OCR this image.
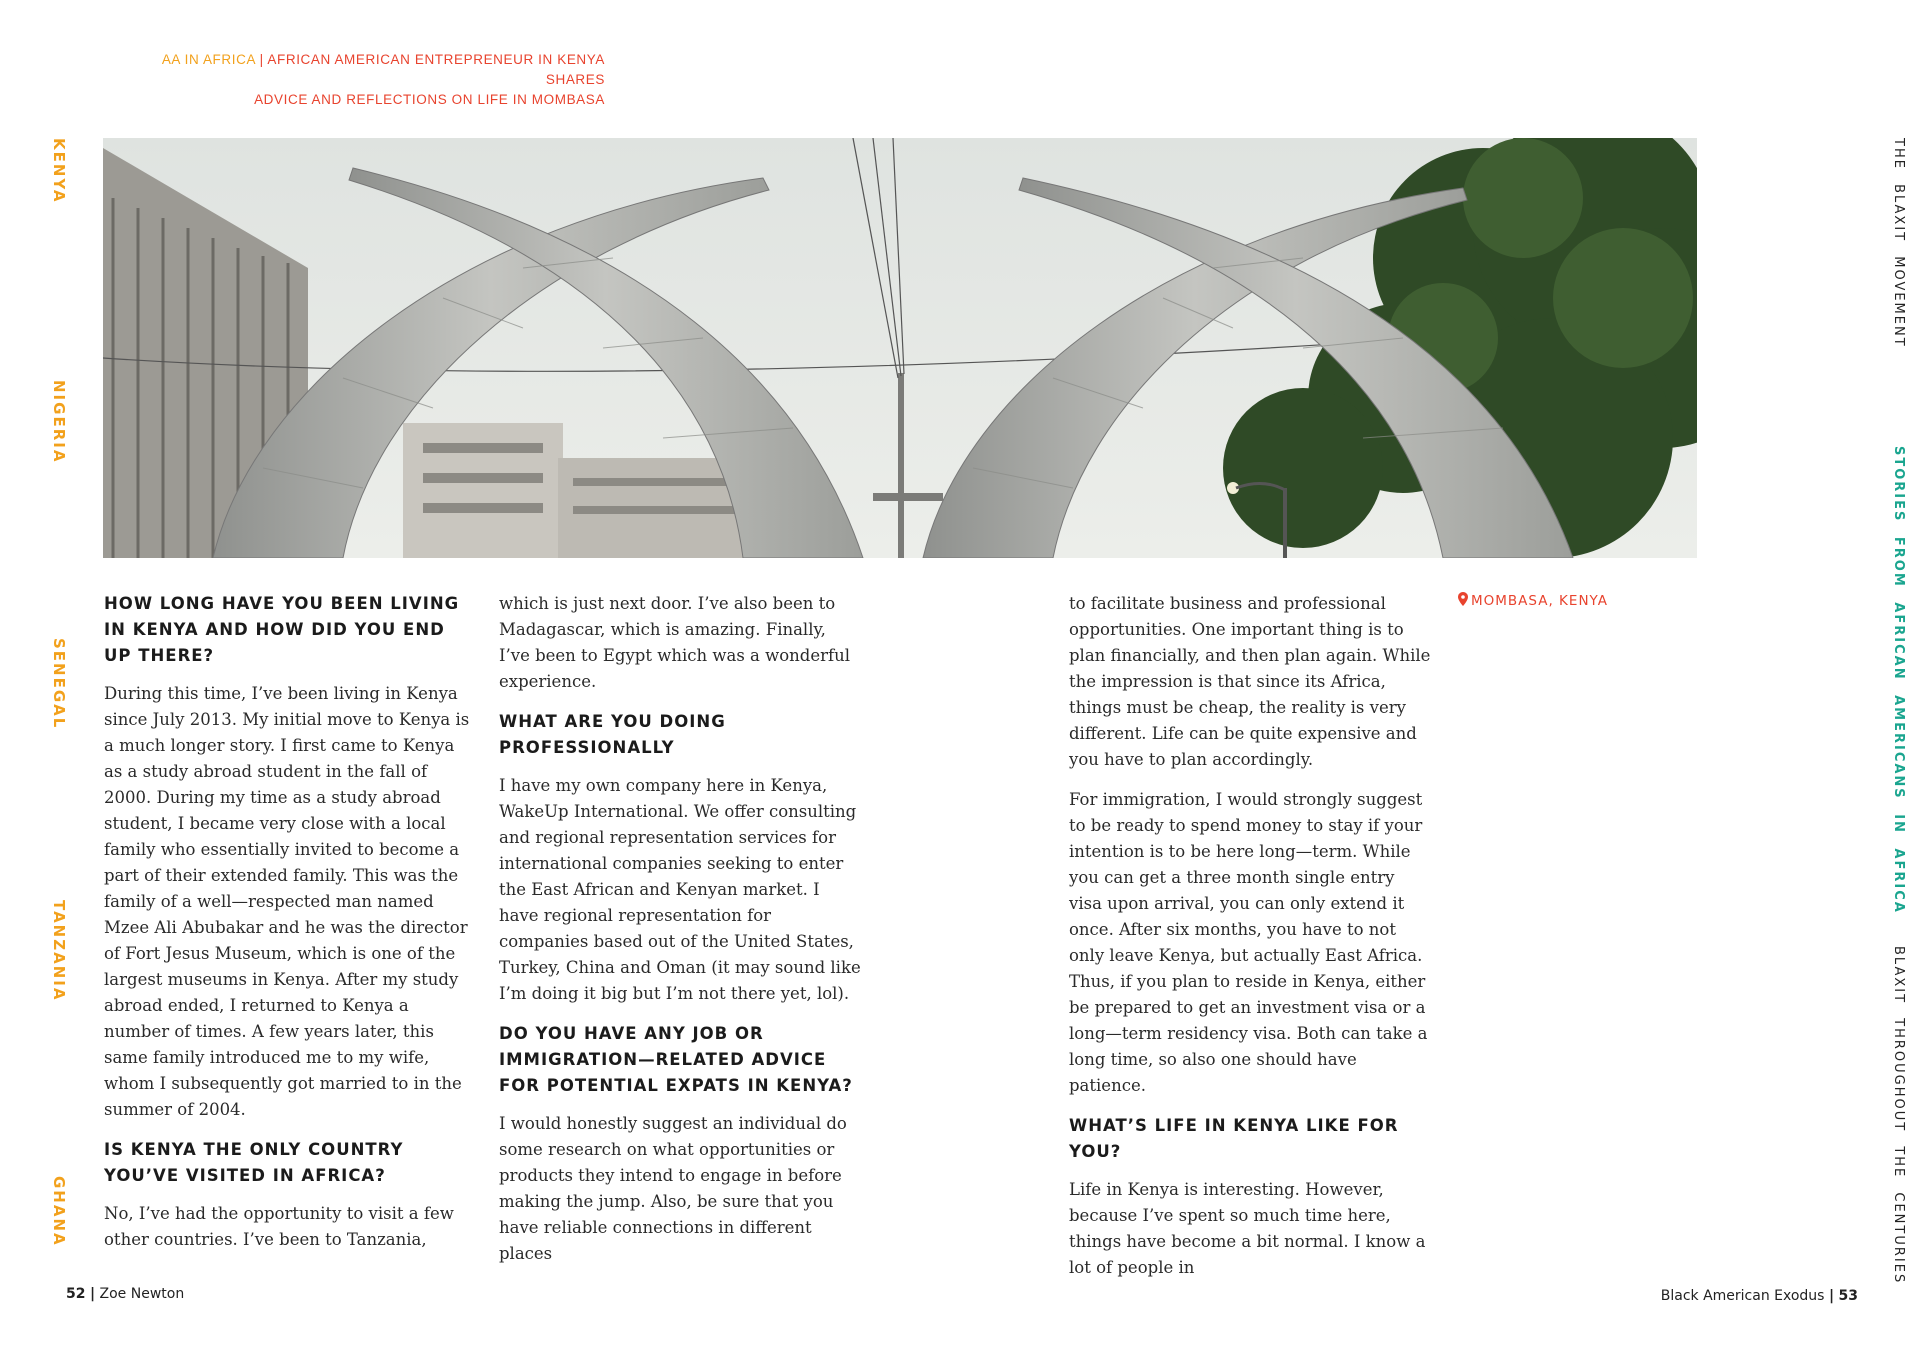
AA IN AFRICA | AFRICAN AMERICAN ENTREPRENEUR IN KENYA SHARES
ADVICE AND REFLECTIONS ON LIFE IN MOMBASA
KENYA
NIGERIA
SENEGAL
TANZANIA
GHANA
THE BLAXIT MOVEMENT
STORIES FROM AFRICAN AMERICANS IN AFRICA
BLAXIT THROUGHOUT THE CENTURIES
HOW LONG HAVE YOU BEEN LIVING IN KENYA AND HOW DID YOU END UP THERE?

During this time, I’ve been living in Kenya since July 2013. My initial move to Kenya is a much longer story. I first came to Kenya as a study abroad student in the fall of 2000. During my time as a study abroad student, I became very close with a local family who essentially invited to become a part of their extended family. This was the family of a well—respected man named Mzee Ali Abubakar and he was the director of Fort Jesus Museum, which is one of the largest museums in Kenya. After my study abroad ended, I returned to Kenya a number of times. A few years later, this same family introduced me to my wife, whom I subsequently got married to in the summer of 2004.

IS KENYA THE ONLY COUNTRY YOU’VE VISITED IN AFRICA?

No, I’ve had the opportunity to visit a few other countries. I’ve been to Tanzania,

which is just next door. I’ve also been to Madagascar, which is amazing. Finally, I’ve been to Egypt which was a wonderful experience.

WHAT ARE YOU DOING PROFESSIONALLY

I have my own company here in Kenya, WakeUp International. We offer consulting and regional representation services for international companies seeking to enter the East African and Kenyan market. I have regional representation for companies based out of the United States, Turkey, China and Oman (it may sound like I’m doing it big but I’m not there yet, lol).

DO YOU HAVE ANY JOB OR IMMIGRATION—RELATED ADVICE FOR POTENTIAL EXPATS IN KENYA?

I would honestly suggest an individual do some research on what opportunities or products they intend to engage in before making the jump. Also, be sure that you have reliable connections in different places

to facilitate business and professional opportunities. One important thing is to plan financially, and then plan again. While the impression is that since its Africa, things must be cheap, the reality is very different. Life can be quite expensive and you have to plan accordingly.

For immigration, I would strongly suggest to be ready to spend money to stay if your intention is to be here long—term. While you can get a three month single entry visa upon arrival, you can only extend it once. After six months, you have to not only leave Kenya, but actually East Africa. Thus, if you plan to reside in Kenya, either be prepared to get an investment visa or a long—term residency visa. Both can take a long time, so also one should have patience.

WHAT’S LIFE IN KENYA LIKE FOR YOU?

Life in Kenya is interesting. However, because I’ve spent so much time here, things have become a bit normal. I know a lot of people in

MOMBASA, KENYA
52 | Zoe Newton	Black American Exodus | 53
